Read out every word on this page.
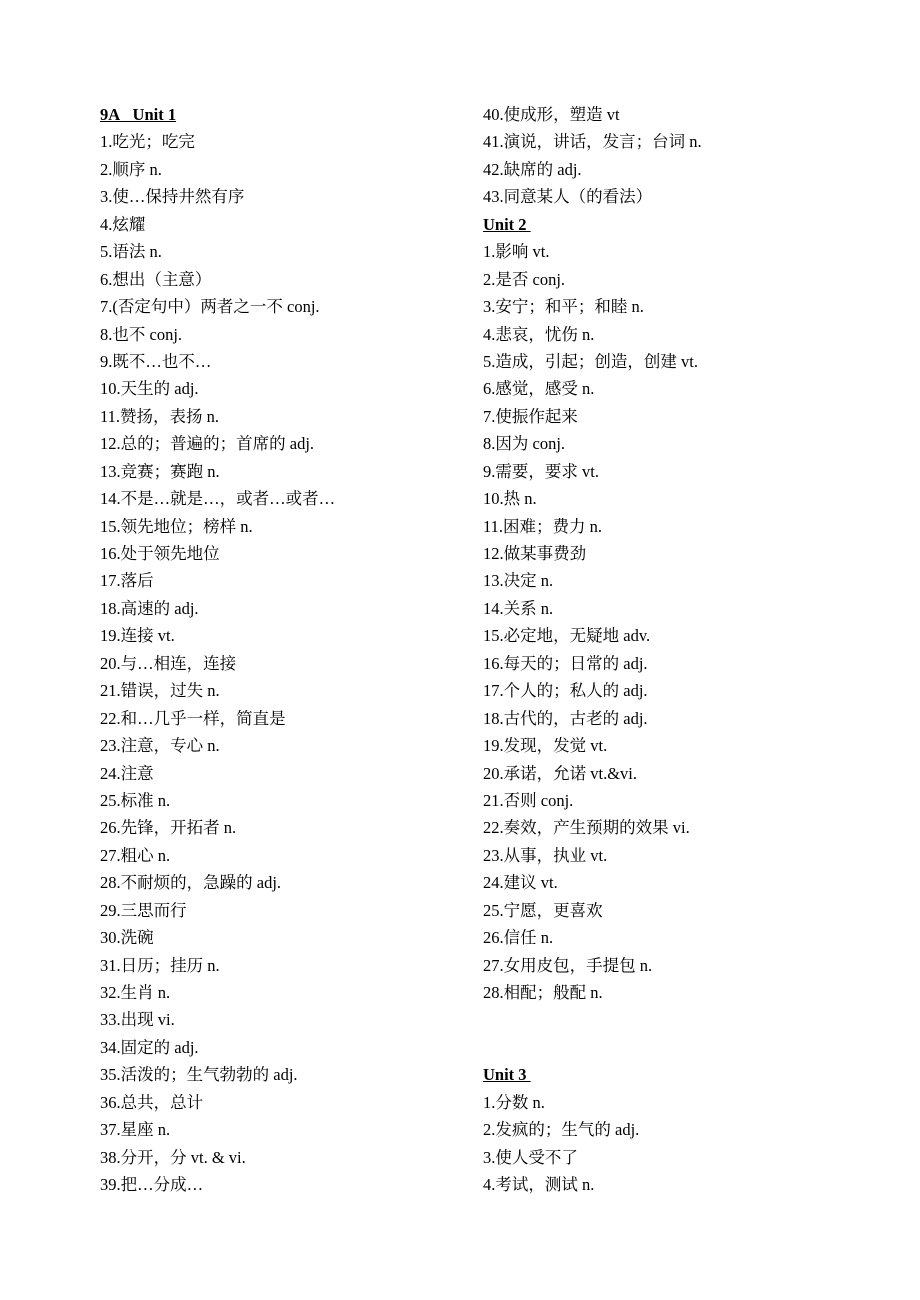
9A   Unit 1
1.吃光；吃完
2.顺序 n.
3.使…保持井然有序
4.炫耀
5.语法 n.
6.想出（主意）
7.(否定句中）两者之一不 conj.
8.也不 conj.
9.既不…也不…
10.天生的 adj.
11.赞扬，表扬 n.
12.总的；普遍的；首席的 adj.
13.竞赛；赛跑 n.
14.不是…就是…，或者…或者…
15.领先地位；榜样 n.
16.处于领先地位
17.落后
18.高速的 adj.
19.连接 vt.
20.与…相连，连接
21.错误，过失 n.
22.和…几乎一样，简直是
23.注意，专心 n.
24.注意
25.标准 n.
26.先锋，开拓者 n.
27.粗心 n.
28.不耐烦的，急躁的 adj.
29.三思而行
30.洗碗
31.日历；挂历 n.
32.生肖 n.
33.出现 vi.
34.固定的 adj.
35.活泼的；生气勃勃的 adj.
36.总共，总计
37.星座 n.
38.分开，分 vt. & vi.
39.把…分成…
40.使成形，塑造 vt
41.演说，讲话，发言；台词 n.
42.缺席的 adj.
43.同意某人（的看法）
Unit 2
1.影响 vt.
2.是否 conj.
3.安宁；和平；和睦 n.
4.悲哀，忧伤 n.
5.造成，引起；创造，创建 vt.
6.感觉，感受 n.
7.使振作起来
8.因为 conj.
9.需要，要求 vt.
10.热 n.
11.困难；费力 n.
12.做某事费劲
13.决定 n.
14.关系 n.
15.必定地，无疑地 adv.
16.每天的；日常的 adj.
17.个人的；私人的 adj.
18.古代的，古老的 adj.
19.发现，发觉 vt.
20.承诺，允诺 vt.&vi.
21.否则 conj.
22.奏效，产生预期的效果 vi.
23.从事，执业 vt.
24.建议 vt.
25.宁愿，更喜欢
26.信任 n.
27.女用皮包，手提包 n.
28.相配；般配 n.
Unit 3
1.分数 n.
2.发疯的；生气的 adj.
3.使人受不了
4.考试，测试 n.
